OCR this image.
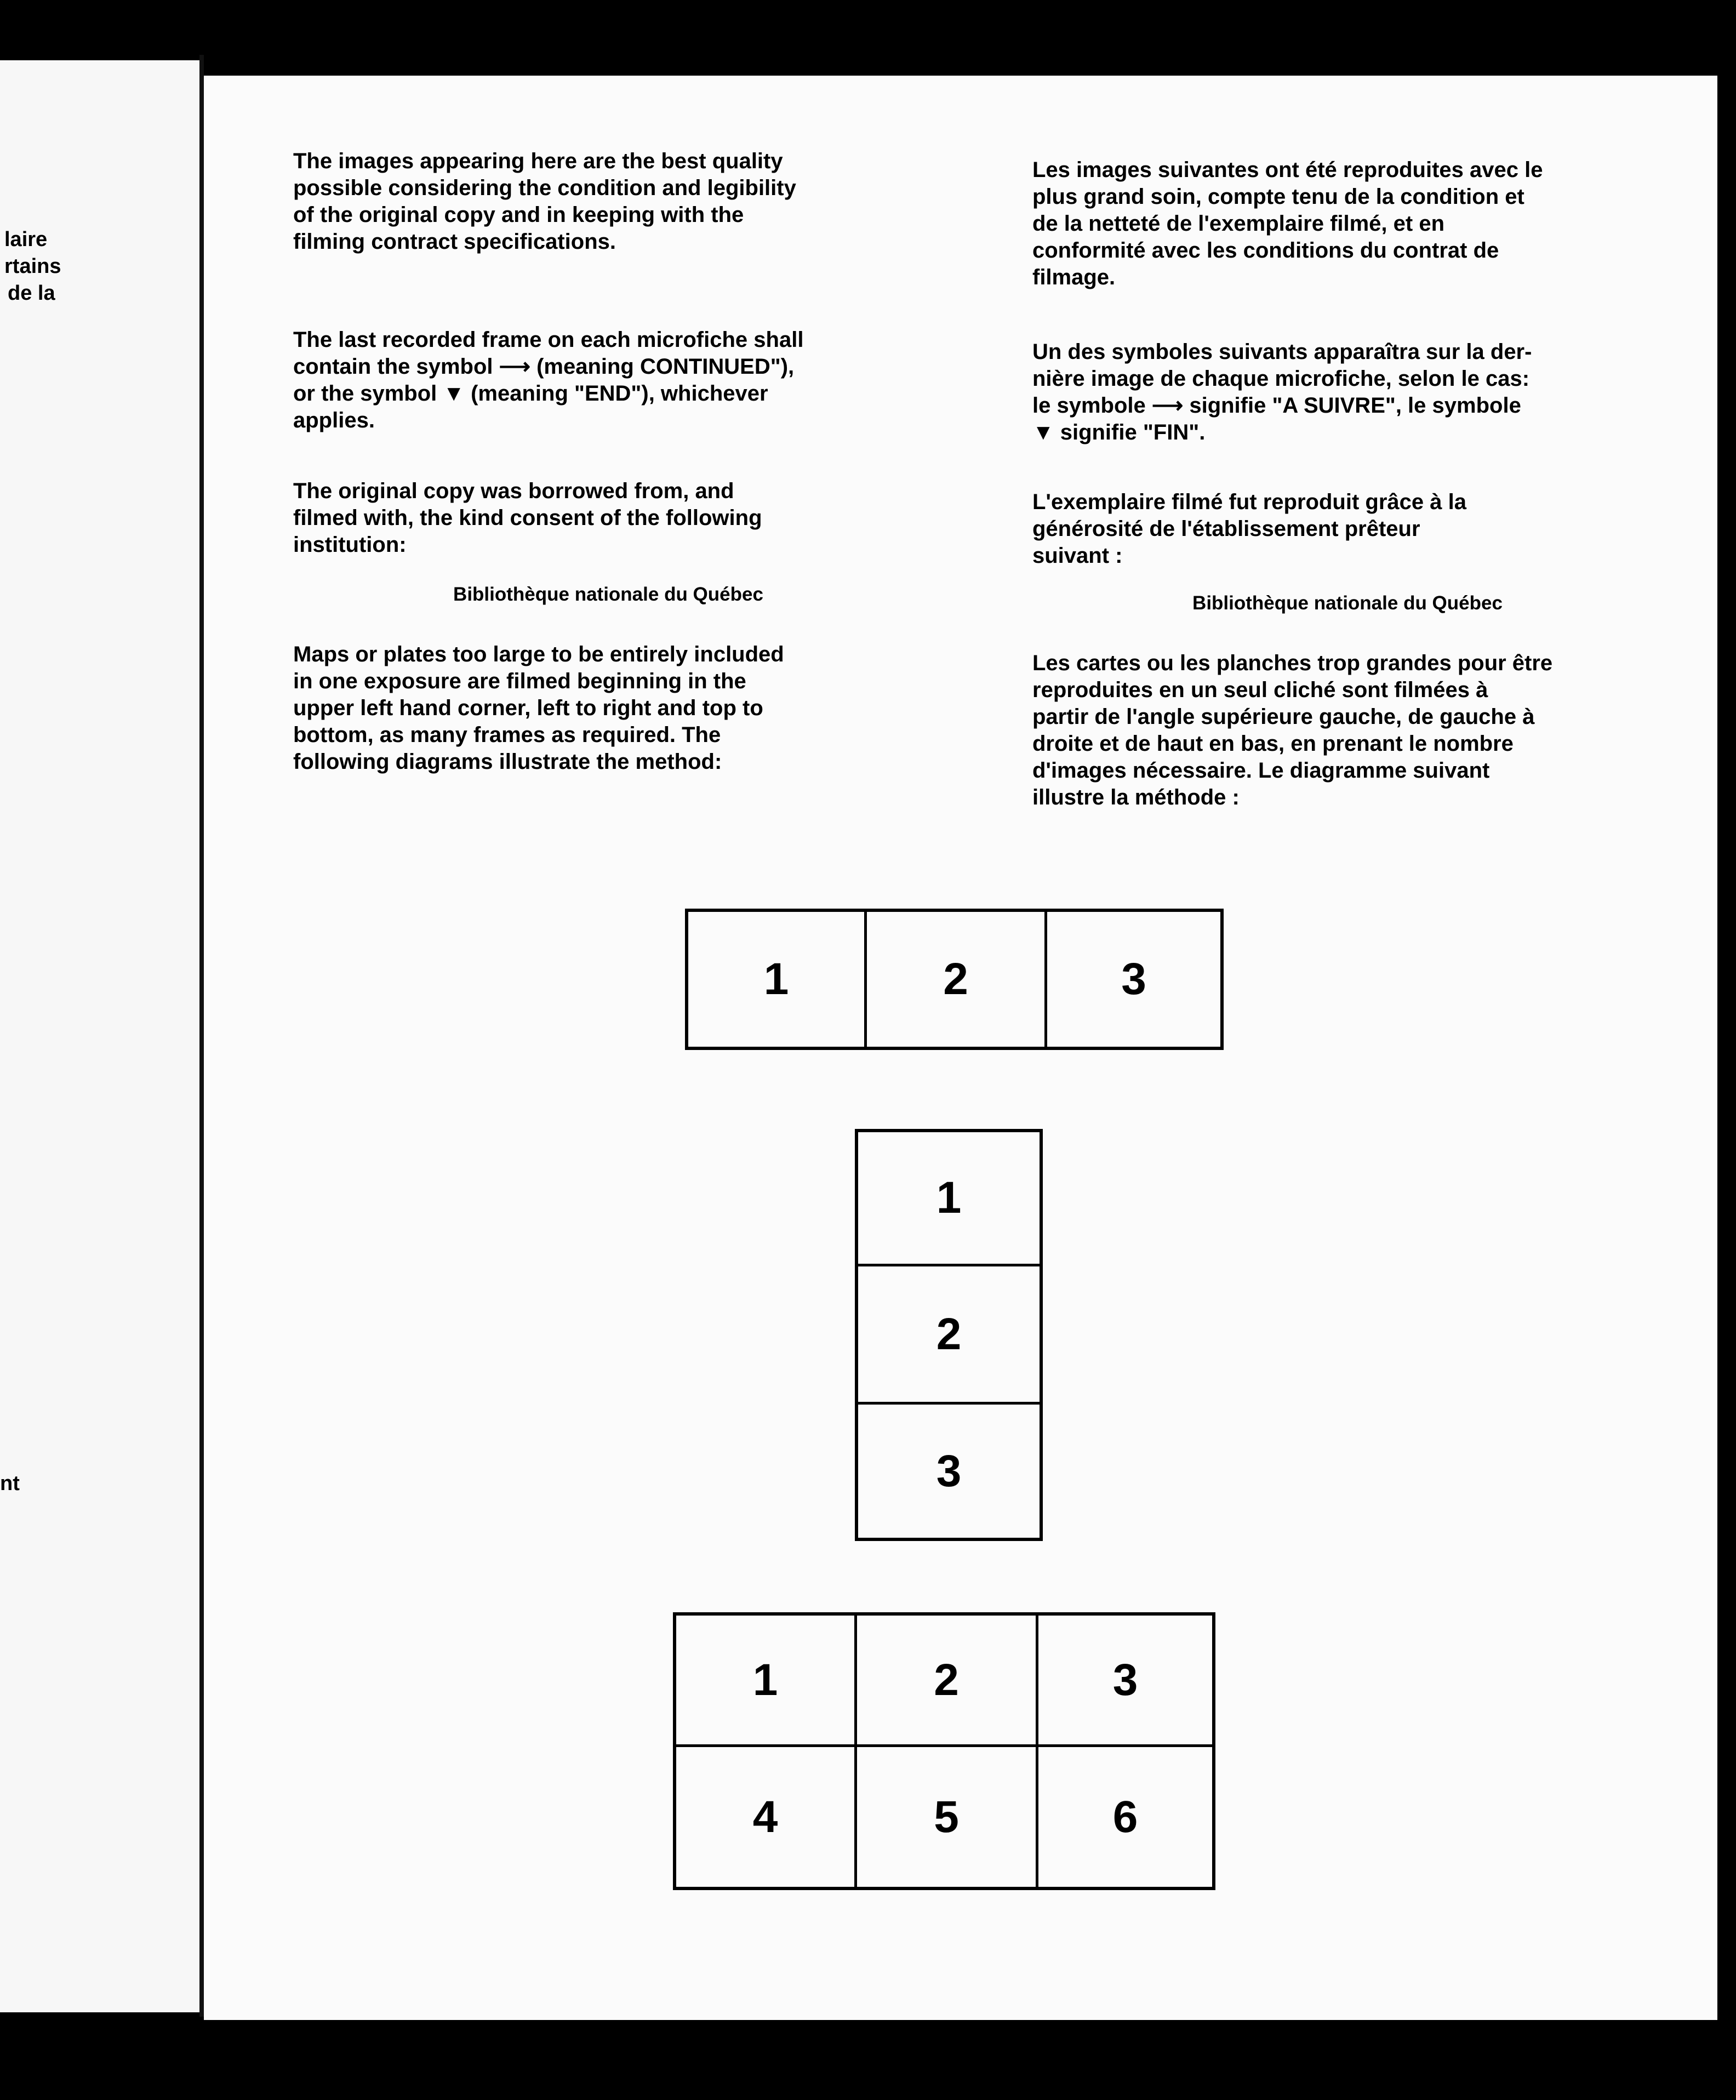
laire
rtains
de la
nt

The images appearing here are the best quality
possible considering the condition and legibility
of the original copy and in keeping with the
filming contract specifications.

The last recorded frame on each microfiche shall
contain the symbol ⟶ (meaning CONTINUED"),
or the symbol ▼ (meaning "END"), whichever
applies.

The original copy was borrowed from, and
filmed with, the kind consent of the following
institution:

Bibliothèque nationale du Québec

Maps or plates too large to be entirely included
in one exposure are filmed beginning in the
upper left hand corner, left to right and top to
bottom, as many frames as required. The
following diagrams illustrate the method:

Les images suivantes ont été reproduites avec le
plus grand soin, compte tenu de la condition et
de la netteté de l'exemplaire filmé, et en
conformité avec les conditions du contrat de
filmage.

Un des symboles suivants apparaîtra sur la der-
nière image de chaque microfiche, selon le cas:
le symbole ⟶ signifie "A SUIVRE", le symbole
▼ signifie "FIN".

L'exemplaire filmé fut reproduit grâce à la
générosité de l'établissement prêteur
suivant :

Bibliothèque nationale du Québec

Les cartes ou les planches trop grandes pour être
reproduites en un seul cliché sont filmées à
partir de l'angle supérieure gauche, de gauche à
droite et de haut en bas, en prenant le nombre
d'images nécessaire. Le diagramme suivant
illustre la méthode :

1	2	3
1
2
3
1	2	3
4	5	6
